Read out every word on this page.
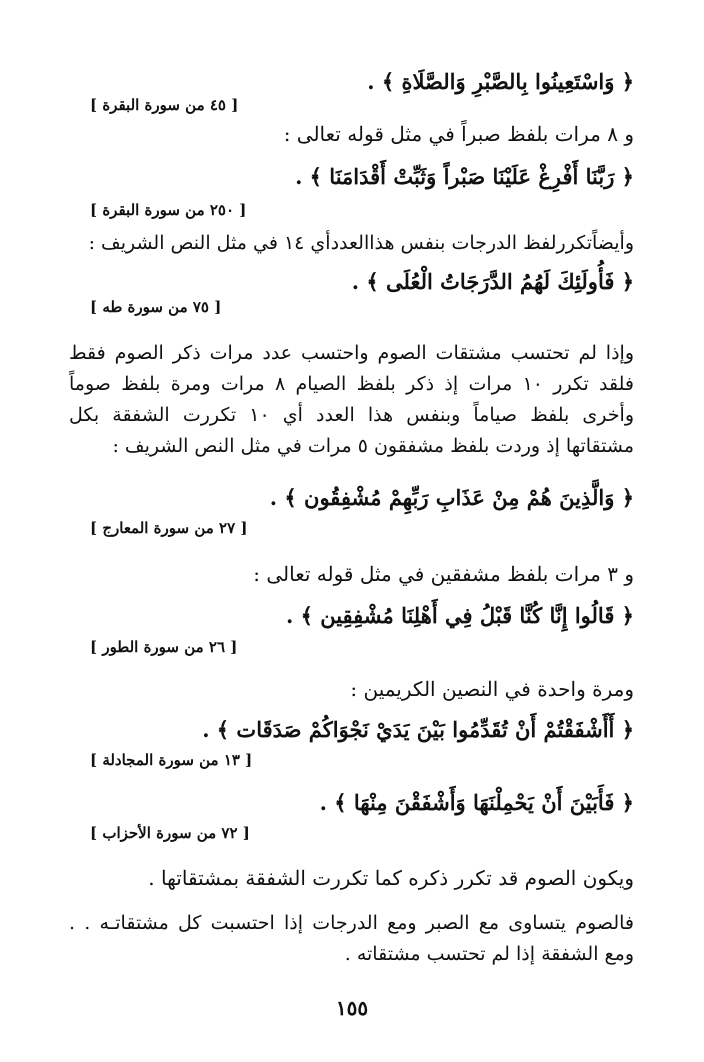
﴿ وَاسْتَعِينُوا بِالصَّبْرِ وَالصَّلَاةِ ﴾ .
[ ٤٥ من سورة البقرة ]
و ٨ مرات بلفظ صبراً في مثل قوله تعالى :
﴿ رَبَّنَا أَفْرِغْ عَلَيْنَا صَبْراً وَثَبِّتْ أَقْدَامَنَا ﴾ .
[ ٢٥٠ من سورة البقرة ]
وأيضاًتكررلفظ الدرجات بنفس هذاالعددأي ١٤ في مثل النص الشريف :
﴿ فَأُولَئِكَ لَهُمُ الدَّرَجَاتُ الْعُلَى ﴾ .
[ ٧٥ من سورة طه ]
وإذا لم تحتسب مشتقات الصوم واحتسب عدد مرات ذكر الصوم فقط فلقد تكرر ١٠ مرات إذ ذكر بلفظ الصيام ٨ مرات ومرة بلفظ صوماً وأخرى بلفظ صياماً وبنفس هذا العدد أي ١٠ تكررت الشفقة بكل مشتقاتها إذ وردت بلفظ مشفقون ٥ مرات في مثل النص الشريف :
﴿ وَالَّذِينَ هُمْ مِنْ عَذَابِ رَبِّهِمْ مُشْفِقُون ﴾ .
[ ٢٧ من سورة المعارج ]
و ٣ مرات بلفظ مشفقين في مثل قوله تعالى :
﴿ قَالُوا إِنَّا كُنَّا قَبْلُ فِي أَهْلِنَا مُشْفِقِين ﴾ .
[ ٢٦ من سورة الطور ]
ومرة واحدة في النصين الكريمين :
﴿ أَأَشْفَقْتُمْ أَنْ تُقَدِّمُوا بَيْنَ يَدَيْ نَجْوَاكُمْ صَدَقَات ﴾ .
[ ١٣ من سورة المجادلة ]
﴿ فَأَبَيْنَ أَنْ يَحْمِلْنَهَا وَأَشْفَقْنَ مِنْهَا ﴾ .
[ ٧٢ من سورة الأحزاب ]
ويكون الصوم قد تكرر ذكره كما تكررت الشفقة بمشتقاتها .
فالصوم يتساوى مع الصبر ومع الدرجات إذا احتسبت كل مشتقاتـه . . ومع الشفقة إذا لم تحتسب مشتقاته .
١٥٥
